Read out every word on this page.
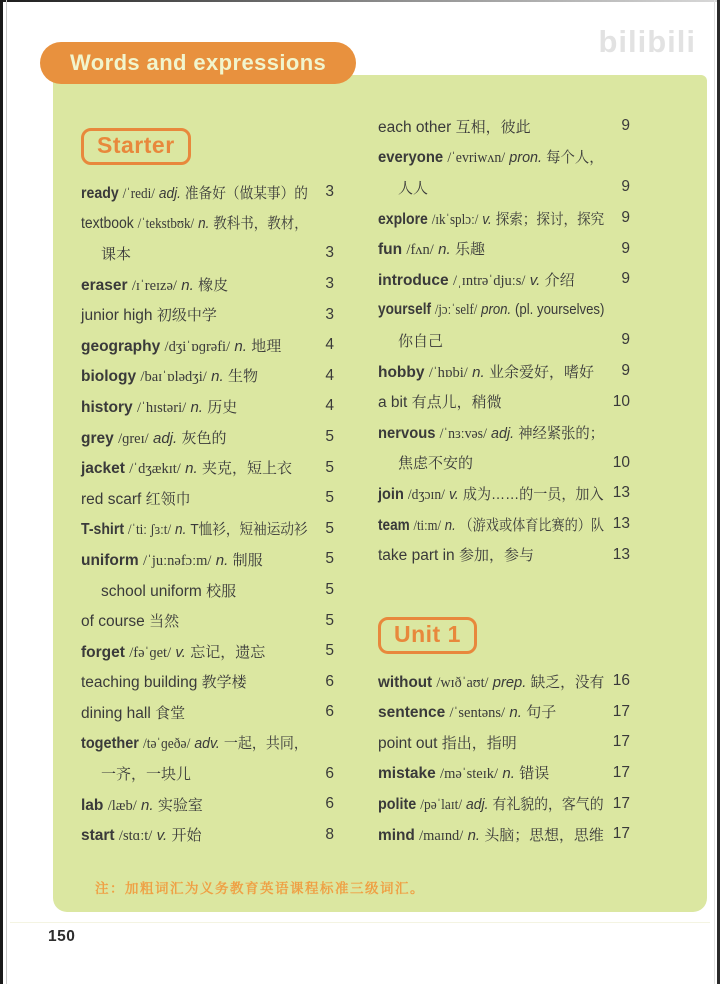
bilibili
Words and expressions
Starter
ready /ˈredi/ adj. 准备好（做某事）的	3
textbook /ˈtekstbʊk/ n. 教科书，教材，
课本	3
eraser /ɪˈreɪzə/ n. 橡皮	3
junior high 初级中学	3
geography /dʒiˈɒɡrəfi/ n. 地理	4
biology /baɪˈɒlədʒi/ n. 生物	4
history /ˈhɪstəri/ n. 历史	4
grey /ɡreɪ/ adj. 灰色的	5
jacket /ˈdʒækɪt/ n. 夹克，短上衣	5
red scarf 红领巾	5
T-shirt /ˈtiː ʃɜːt/ n. T恤衫，短袖运动衫	5
uniform /ˈjuːnəfɔːm/ n. 制服	5
school uniform 校服	5
of course 当然	5
forget /fəˈɡet/ v. 忘记，遗忘	5
teaching building 教学楼	6
dining hall 食堂	6
together /təˈɡeðə/ adv. 一起，共同，
一齐，一块儿	6
lab /læb/ n. 实验室	6
start /stɑːt/ v. 开始	8
each other 互相，彼此	9
everyone /ˈevriwʌn/ pron. 每个人，
人人	9
explore /ɪkˈsplɔː/ v. 探索；探讨，探究	9
fun /fʌn/ n. 乐趣	9
introduce /ˌɪntrəˈdjuːs/ v. 介绍	9
yourself /jɔːˈself/ pron. (pl. yourselves)
你自己	9
hobby /ˈhɒbi/ n. 业余爱好，嗜好	9
a bit 有点儿，稍微	10
nervous /ˈnɜːvəs/ adj. 神经紧张的；
焦虑不安的	10
join /dʒɔɪn/ v. 成为……的一员，加入 13
team /tiːm/ n. （游戏或体育比赛的）队 13
take part in 参加，参与	13
Unit 1
without /wɪðˈaʊt/ prep. 缺乏，没有 16
sentence /ˈsentəns/ n. 句子	17
point out 指出，指明	17
mistake /məˈsteɪk/ n. 错误	17
polite /pəˈlaɪt/ adj. 有礼貌的，客气的 17
mind /maɪnd/ n. 头脑；思想，思维 17
注：加粗词汇为义务教育英语课程标准三级词汇。
150
